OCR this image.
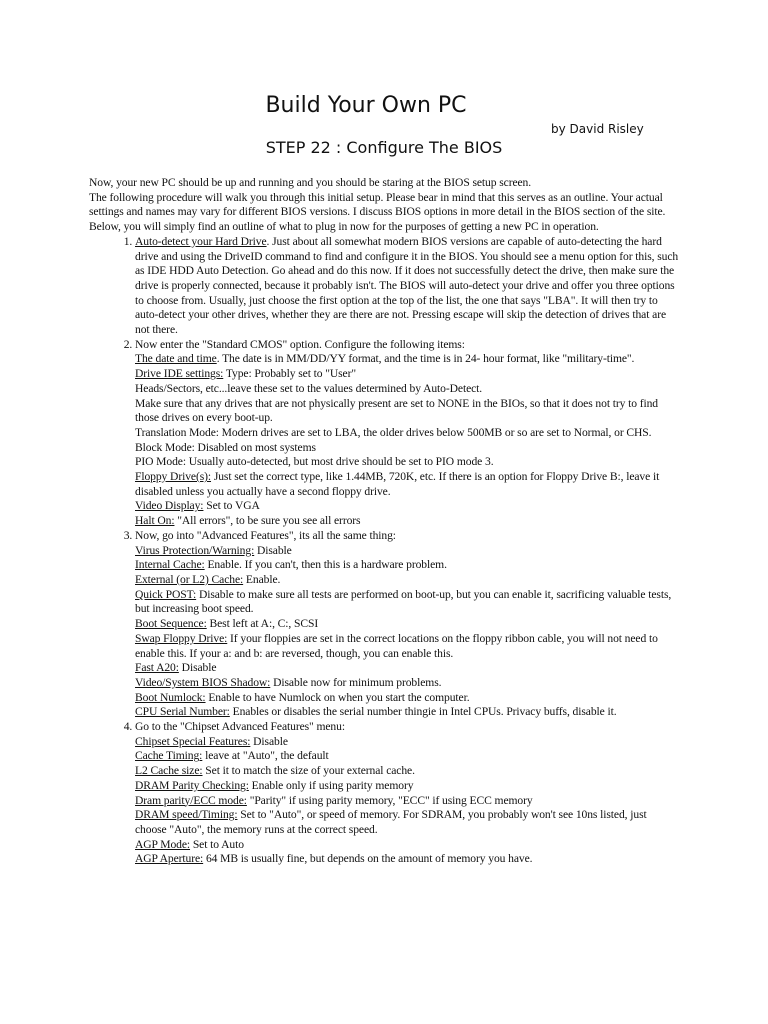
Build Your Own PC
by David Risley
STEP 22 : Configure The BIOS

Now, your new PC should be up and running and you should be staring at the BIOS setup screen.

The following procedure will walk you through this initial setup. Please bear in mind that this serves as an outline. Your actual settings and names may vary for different BIOS versions. I discuss BIOS options in more detail in the BIOS section of the site. Below, you will simply find an outline of what to plug in now for the purposes of getting a new PC in operation.

1. Auto-detect your Hard Drive. Just about all somewhat modern BIOS versions are capable of auto-detecting the hard drive and using the DriveID command to find and configure it in the BIOS. You should see a menu option for this, such as IDE HDD Auto Detection. Go ahead and do this now. If it does not successfully detect the drive, then make sure the drive is properly connected, because it probably isn't. The BIOS will auto-detect your drive and offer you three options to choose from. Usually, just choose the first option at the top of the list, the one that says "LBA". It will then try to auto-detect your other drives, whether they are there are not. Pressing escape will skip the detection of drives that are not there.
2. Now enter the "Standard CMOS" option. Configure the following items:
The date and time. The date is in MM/DD/YY format, and the time is in 24- hour format, like "military-time".
Drive IDE settings: Type: Probably set to "User"
Heads/Sectors, etc...leave these set to the values determined by Auto-Detect.
Make sure that any drives that are not physically present are set to NONE in the BIOs, so that it does not try to find those drives on every boot-up.
Translation Mode: Modern drives are set to LBA, the older drives below 500MB or so are set to Normal, or CHS.
Block Mode: Disabled on most systems
PIO Mode: Usually auto-detected, but most drive should be set to PIO mode 3.
Floppy Drive(s): Just set the correct type, like 1.44MB, 720K, etc. If there is an option for Floppy Drive B:, leave it disabled unless you actually have a second floppy drive.
Video Display: Set to VGA
Halt On: "All errors", to be sure you see all errors
3. Now, go into "Advanced Features", its all the same thing:
Virus Protection/Warning: Disable
Internal Cache: Enable. If you can't, then this is a hardware problem.
External (or L2) Cache: Enable.
Quick POST: Disable to make sure all tests are performed on boot-up, but you can enable it, sacrificing valuable tests, but increasing boot speed.
Boot Sequence: Best left at A:, C:, SCSI
Swap Floppy Drive: If your floppies are set in the correct locations on the floppy ribbon cable, you will not need to enable this. If your a: and b: are reversed, though, you can enable this.
Fast A20: Disable
Video/System BIOS Shadow: Disable now for minimum problems.
Boot Numlock: Enable to have Numlock on when you start the computer.
CPU Serial Number: Enables or disables the serial number thingie in Intel CPUs. Privacy buffs, disable it.
4. Go to the "Chipset Advanced Features" menu:
Chipset Special Features: Disable
Cache Timing: leave at "Auto", the default
L2 Cache size: Set it to match the size of your external cache.
DRAM Parity Checking: Enable only if using parity memory
Dram parity/ECC mode: "Parity" if using parity memory, "ECC" if using ECC memory
DRAM speed/Timing: Set to "Auto", or speed of memory. For SDRAM, you probably won't see 10ns listed, just choose "Auto", the memory runs at the correct speed.
AGP Mode: Set to Auto
AGP Aperture: 64 MB is usually fine, but depends on the amount of memory you have.
